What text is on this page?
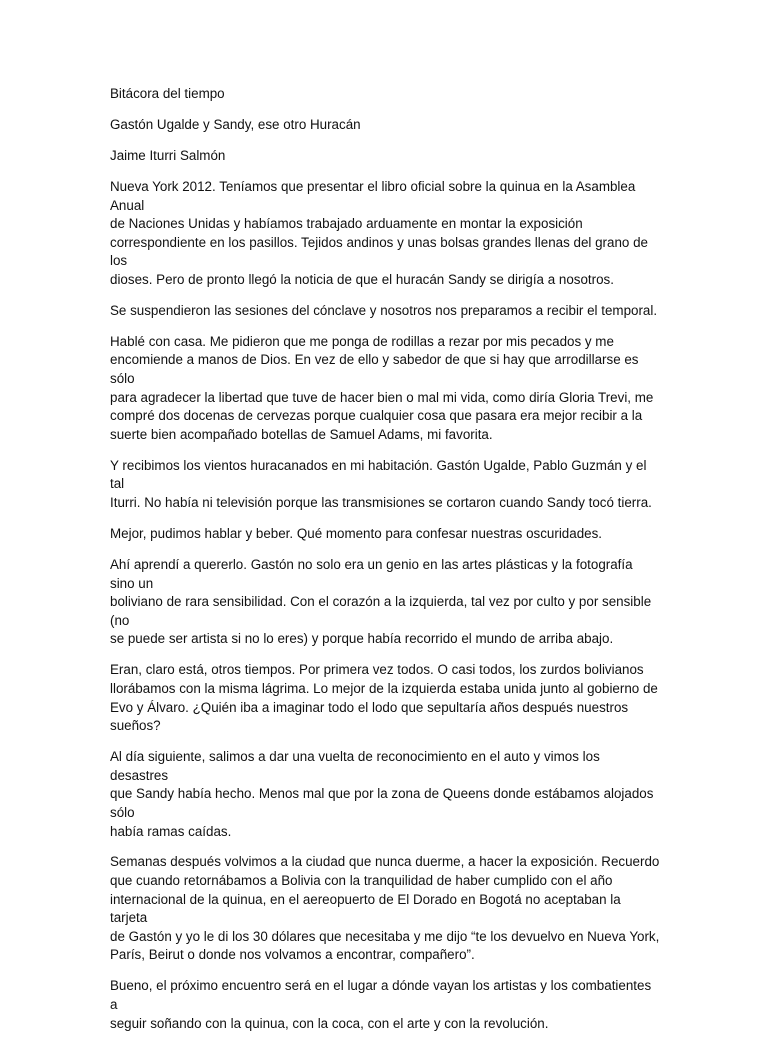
Bitácora del tiempo

Gastón Ugalde y Sandy, ese otro Huracán

Jaime Iturri Salmón

Nueva York 2012. Teníamos que presentar el libro oficial sobre la quinua en la Asamblea Anual
de Naciones Unidas y habíamos trabajado arduamente en montar la exposición
correspondiente en los pasillos. Tejidos andinos y unas bolsas grandes llenas del grano de los
dioses. Pero de pronto llegó la noticia de que el huracán Sandy se dirigía a nosotros.

Se suspendieron las sesiones del cónclave y nosotros nos preparamos a recibir el temporal.

Hablé con casa. Me pidieron que me ponga de rodillas a rezar por mis pecados y me
encomiende a manos de Dios. En vez de ello y sabedor de que si hay que arrodillarse es sólo
para agradecer la libertad que tuve de hacer bien o mal mi vida, como diría Gloria Trevi, me
compré dos docenas de cervezas porque cualquier cosa que pasara era mejor recibir a la
suerte bien acompañado botellas de Samuel Adams, mi favorita.

Y recibimos los vientos huracanados en mi habitación. Gastón Ugalde, Pablo Guzmán y el tal
Iturri. No había ni televisión porque las transmisiones se cortaron cuando Sandy tocó tierra.

Mejor, pudimos hablar y beber. Qué momento para confesar nuestras oscuridades.

Ahí aprendí a quererlo. Gastón no solo era un genio en las artes plásticas y la fotografía sino un
boliviano de rara sensibilidad. Con el corazón a la izquierda, tal vez por culto y por sensible (no
se puede ser artista si no lo eres) y porque había recorrido el mundo de arriba abajo.

Eran, claro está, otros tiempos. Por primera vez todos. O casi todos, los zurdos bolivianos
llorábamos con la misma lágrima. Lo mejor de la izquierda estaba unida junto al gobierno de
Evo y Álvaro. ¿Quién iba a imaginar todo el lodo que sepultaría años después nuestros sueños?

Al día siguiente, salimos a dar una vuelta de reconocimiento en el auto y vimos los desastres
que Sandy había hecho. Menos mal que por la zona de Queens donde estábamos alojados sólo
había ramas caídas.

Semanas después volvimos a la ciudad que nunca duerme, a hacer la exposición. Recuerdo
que cuando retornábamos a Bolivia con la tranquilidad de haber cumplido con el año
internacional de la quinua, en el aereopuerto de El Dorado en Bogotá no aceptaban la tarjeta
de Gastón y yo le di los 30 dólares que necesitaba y me dijo “te los devuelvo en Nueva York,
París, Beirut o donde nos volvamos a encontrar, compañero”.

Bueno, el próximo encuentro será en el lugar a dónde vayan los artistas y los combatientes a
seguir soñando con la quinua, con la coca, con el arte y con la revolución.
